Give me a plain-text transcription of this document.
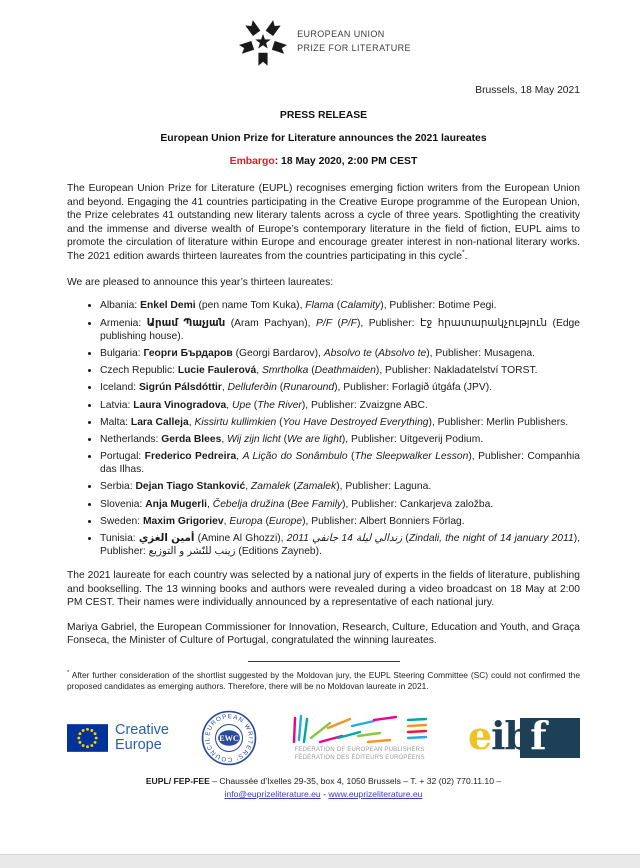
EUROPEAN UNION
PRIZE FOR LITERATURE
Brussels, 18 May 2021
PRESS RELEASE
European Union Prize for Literature announces the 2021 laureates
Embargo: 18 May 2020, 2:00 PM CEST

The European Union Prize for Literature (EUPL) recognises emerging fiction writers from the European Union and beyond. Engaging the 41 countries participating in the Creative Europe programme of the European Union, the Prize celebrates 41 outstanding new literary talents across a cycle of three years. Spotlighting the creativity and the immense and diverse wealth of Europe’s contemporary literature in the field of fiction, EUPL aims to promote the circulation of literature within Europe and encourage greater interest in non-national literary works. The 2021 edition awards thirteen laureates from the countries participating in this cycle*.

We are pleased to announce this year’s thirteen laureates:

• Albania: Enkel Demi (pen name Tom Kuka), Flama (Calamity), Publisher: Botime Pegi.
• Armenia: Արամ Պաչյան (Aram Pachyan), P/F (P/F), Publisher: Էջ հրատարակչություն (Edge publishing house).
• Bulgaria: Георги Бърдаров (Georgi Bardarov), Absolvo te (Absolvo te), Publisher: Musagena.
• Czech Republic: Lucie Faulerová, Smrtholka (Deathmaiden), Publisher: Nakladatelství TORST.
• Iceland: Sigrún Pálsdóttir, Delluferðin (Runaround), Publisher: Forlagið útgáfa (JPV).
• Latvia: Laura Vinogradova, Upe (The River), Publisher: Zvaizgne ABC.
• Malta: Lara Calleja, Kissirtu kullimkien (You Have Destroyed Everything), Publisher: Merlin Publishers.
• Netherlands: Gerda Blees, Wij zijn licht (We are light), Publisher: Uitgeverij Podium.
• Portugal: Frederico Pedreira, A Lição do Sonâmbulo (The Sleepwalker Lesson), Publisher: Companhia das Ilhas.
• Serbia: Dejan Tiago Stanković, Zamalek (Zamalek), Publisher: Laguna.
• Slovenia: Anja Mugerli, Čebelja družina (Bee Family), Publisher: Cankarjeva založba.
• Sweden: Maxim Grigoriev, Europa (Europe), Publisher: Albert Bonniers Förlag.
• Tunisia: أمين الغزي (Amine Al Ghozzi), زندالي ليلة 14 جانفي 2011 (Zindali, the night of 14 january 2011), Publisher: زينب للنّشر و التوزيع (Editions Zayneb).

The 2021 laureate for each country was selected by a national jury of experts in the fields of literature, publishing and bookselling. The 13 winning books and authors were revealed during a video broadcast on 18 May at 2:00 PM CEST. Their names were individually announced by a representative of each national jury.

Mariya Gabriel, the European Commissioner for Innovation, Research, Culture, Education and Youth, and Graça Fonseca, the Minister of Culture of Portugal, congratulated the winning laureates.

* After further consideration of the shortlist suggested by the Moldovan jury, the EUPL Steering Committee (SC) could not confirmed the proposed candidates as emerging authors. Therefore, there will be no Moldovan laureate in 2021.

Creative
Europe
EUROPEAN WRITERS’ COUNCIL EWC
FEDERATION OF EUROPEAN PUBLISHERS
FÉDÉRATION DES ÉDITEURS EUROPÉENS eibf
EUPL/ FEP-FEE – Chaussée d’Ixelles 29-35, box 4, 1050 Brussels – T. + 32 (02) 770.11.10 –
info@euprizeliterature.eu - www.euprizeliterature.eu
